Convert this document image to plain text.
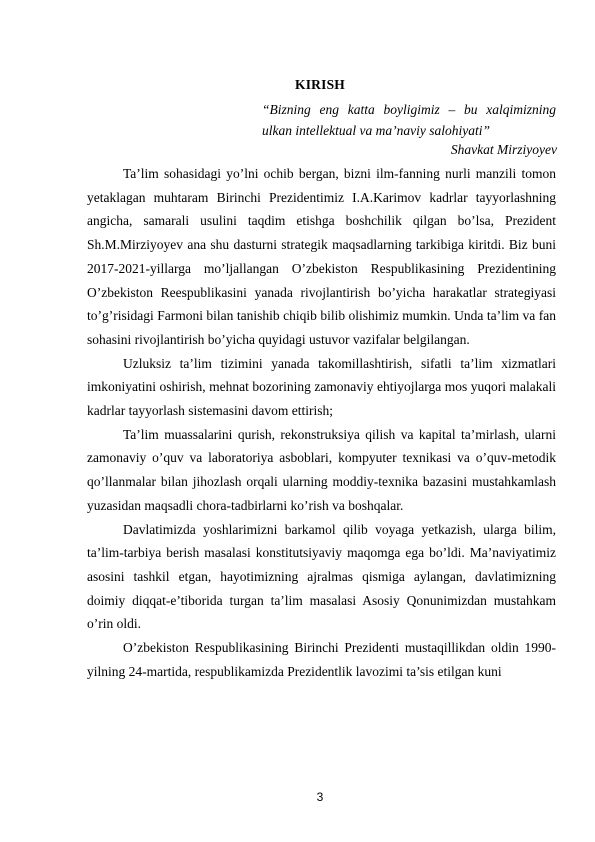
KIRISH
“Bizning eng katta boyligimiz – bu xalqimizning
ulkan intellektual va ma’naviy salohiyati”
Shavkat Mirziyoyev

Ta’lim sohasidagi yo’lni ochib bergan, bizni ilm-fanning nurli manzili tomon yetaklagan muhtaram Birinchi Prezidentimiz I.A.Karimov kadrlar tayyorlashning angicha, samarali usulini taqdim etishga boshchilik qilgan bo’lsa, Prezident Sh.M.Mirziyoyev ana shu dasturni strategik maqsadlarning tarkibiga kiritdi. Biz buni 2017-2021-yillarga mo’ljallangan O’zbekiston Respublikasining Prezidentining O’zbekiston Reespublikasini yanada rivojlantirish bo’yicha harakatlar strategiyasi to’g’risidagi Farmoni bilan tanishib chiqib bilib olishimiz mumkin. Unda ta’lim va fan sohasini rivojlantirish bo’yicha quyidagi ustuvor vazifalar belgilangan.

Uzluksiz ta’lim tizimini yanada takomillashtirish, sifatli ta’lim xizmatlari imkoniyatini oshirish, mehnat bozorining zamonaviy ehtiyojlarga mos yuqori malakali kadrlar tayyorlash sistemasini davom ettirish;

Ta’lim muassalarini qurish, rekonstruksiya qilish va kapital ta’mirlash, ularni zamonaviy o’quv va laboratoriya asboblari, kompyuter texnikasi va o’quv-metodik qo’llanmalar bilan jihozlash orqali ularning moddiy-texnika bazasini mustahkamlash yuzasidan maqsadli chora-tadbirlarni ko’rish va boshqalar.

Davlatimizda yoshlarimizni barkamol qilib voyaga yetkazish, ularga bilim, ta’lim-tarbiya berish masalasi konstitutsiyaviy maqomga ega bo’ldi. Ma’naviyatimiz asosini tashkil etgan, hayotimizning ajralmas qismiga aylangan, davlatimizning doimiy diqqat-e’tiborida turgan ta’lim masalasi Asosiy Qonunimizdan mustahkam o’rin oldi.

O’zbekiston Respublikasining Birinchi Prezidenti mustaqillikdan oldin 1990-yilning 24-martida, respublikamizda Prezidentlik lavozimi ta’sis etilgan kuni

3
